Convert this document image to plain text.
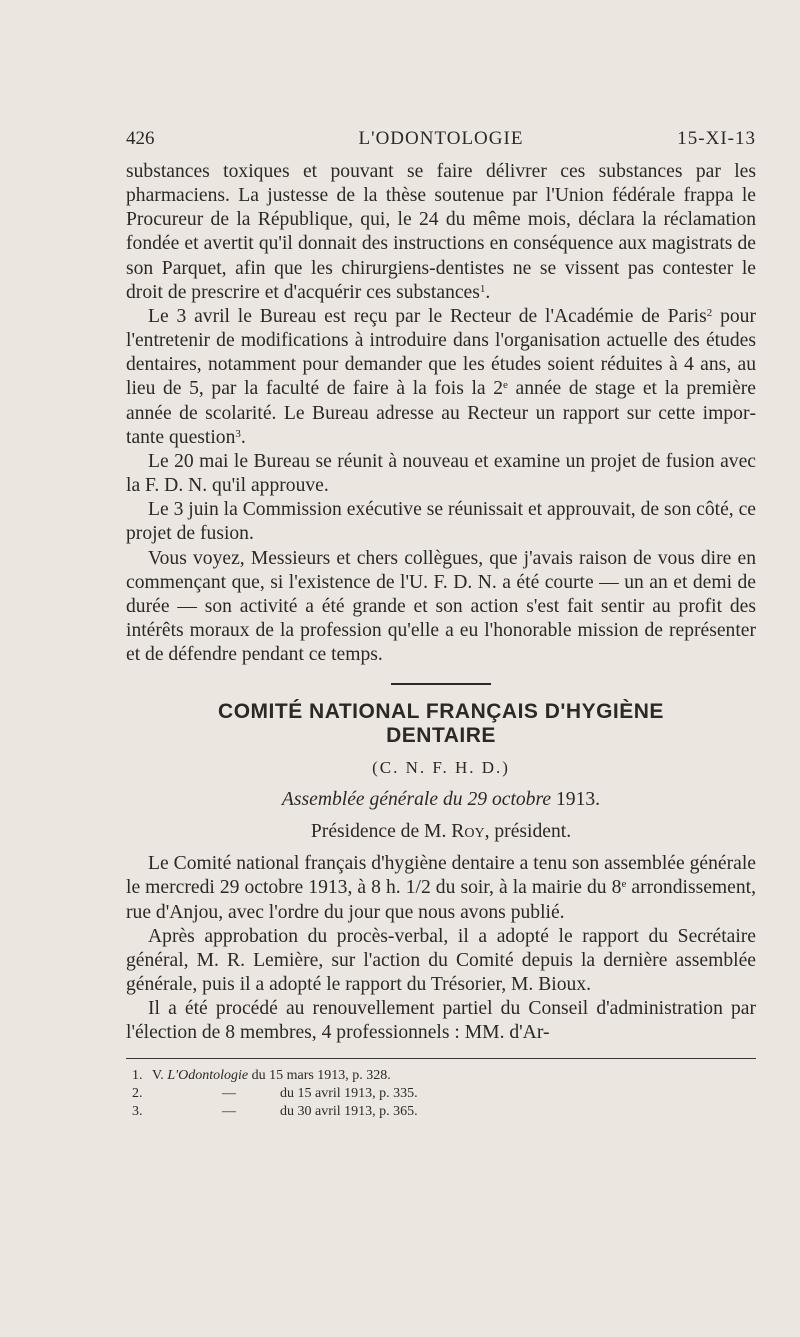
426	L'ODONTOLOGIE	15-XI-13

substances toxiques et pouvant se faire délivrer ces substances par les pharmaciens. La justesse de la thèse soutenue par l'Union fédérale frappa le Procureur de la République, qui, le 24 du même mois, déclara la réclamation fondée et avertit qu'il donnait des instructions en conséquence aux magistrats de son Parquet, afin que les chirurgiens-dentistes ne se vissent pas contester le droit de prescrire et d'acquérir ces substances$^1$.

Le 3 avril le Bureau est reçu par le Recteur de l'Académie de Paris$^2$ pour l'entretenir de modifications à introduire dans l'organisation actuelle des études dentaires, notamment pour demander que les études soient réduites à 4 ans, au lieu de 5, par la faculté de faire à la fois la 2e année de stage et la première année de scolarité. Le Bureau adresse au Recteur un rapport sur cette importante question$^3$.

Le 20 mai le Bureau se réunit à nouveau et examine un projet de fusion avec la F. D. N. qu'il approuve.

Le 3 juin la Commission exécutive se réunissait et approuvait, de son côté, ce projet de fusion.

Vous voyez, Messieurs et chers collègues, que j'avais raison de vous dire en commençant que, si l'existence de l'U. F. D. N. a été courte — un an et demi de durée — son activité a été grande et son action s'est fait sentir au profit des intérêts moraux de la profession qu'elle a eu l'honorable mission de représenter et de défendre pendant ce temps.

COMITÉ NATIONAL FRANÇAIS D'HYGIÈNE
DENTAIRE
(C. N. F. H. D.)
Assemblée générale du 29 octobre 1913.
Présidence de M. Roy, président.

Le Comité national français d'hygiène dentaire a tenu son assemblée générale le mercredi 29 octobre 1913, à 8 h. 1/2 du soir, à la mairie du 8e arrondissement, rue d'Anjou, avec l'ordre du jour que nous avons publié.

Après approbation du procès-verbal, il a adopté le rapport du Secrétaire général, M. R. Lemière, sur l'action du Comité depuis la dernière assemblée générale, puis il a adopté le rapport du Trésorier, M. Bioux.

Il a été procédé au renouvellement partiel du Conseil d'administration par l'élection de 8 membres, 4 professionnels : MM. d'Ar-

1. V. L'Odontologie du 15 mars 1913, p. 328.
2.	—	du 15 avril 1913, p. 335.
3.	—	du 30 avril 1913, p. 365.
